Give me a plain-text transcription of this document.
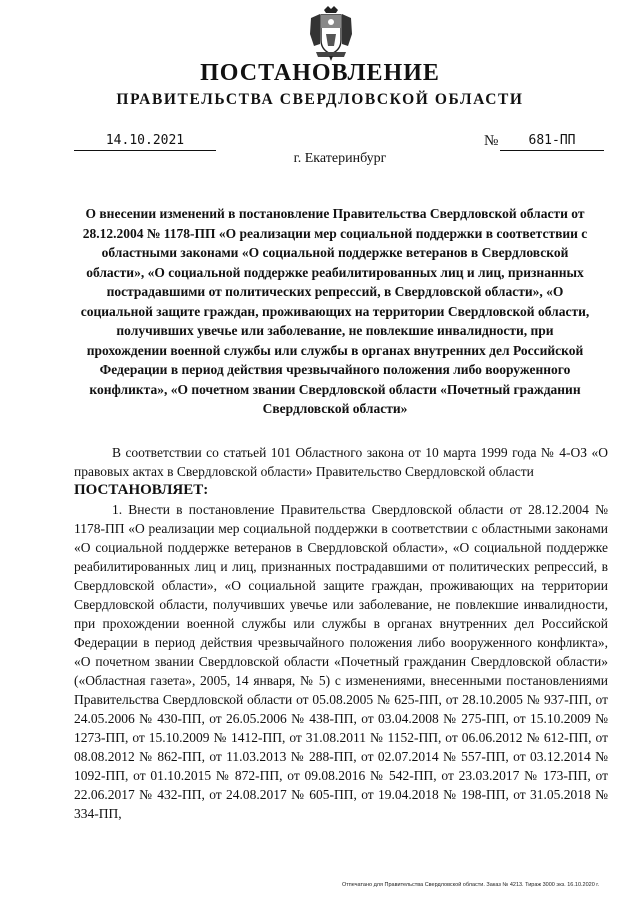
ПОСТАНОВЛЕНИЕ
ПРАВИТЕЛЬСТВА СВЕРДЛОВСКОЙ ОБЛАСТИ
14.10.2021	№	681-ПП
г. Екатеринбург
О внесении изменений в постановление Правительства Свердловской области от 28.12.2004 № 1178-ПП «О реализации мер социальной поддержки в соответствии с областными законами «О социальной поддержке ветеранов в Свердловской области», «О социальной поддержке реабилитированных лиц и лиц, признанных пострадавшими от политических репрессий, в Свердловской области», «О социальной защите граждан, проживающих на территории Свердловской области, получивших увечье или заболевание, не повлекшие инвалидности, при прохождении военной службы или службы в органах внутренних дел Российской Федерации в период действия чрезвычайного положения либо вооруженного конфликта», «О почетном звании Свердловской области «Почетный гражданин Свердловской области»

В соответствии со статьей 101 Областного закона от 10 марта 1999 года № 4-ОЗ «О правовых актах в Свердловской области» Правительство Свердловской области

ПОСТАНОВЛЯЕТ:

1. Внести в постановление Правительства Свердловской области от 28.12.2004 № 1178-ПП «О реализации мер социальной поддержки в соответствии с областными законами «О социальной поддержке ветеранов в Свердловской области», «О социальной поддержке реабилитированных лиц и лиц, признанных пострадавшими от политических репрессий, в Свердловской области», «О социальной защите граждан, проживающих на территории Свердловской области, получивших увечье или заболевание, не повлекшие инвалидности, при прохождении военной службы или службы в органах внутренних дел Российской Федерации в период действия чрезвычайного положения либо вооруженного конфликта», «О почетном звании Свердловской области «Почетный гражданин Свердловской области» («Областная газета», 2005, 14 января, № 5) с изменениями, внесенными постановлениями Правительства Свердловской области от 05.08.2005 № 625-ПП, от 28.10.2005 № 937-ПП, от 24.05.2006 № 430-ПП, от 26.05.2006 № 438-ПП, от 03.04.2008 № 275-ПП, от 15.10.2009 № 1273-ПП, от 15.10.2009 № 1412-ПП, от 31.08.2011 № 1152-ПП, от 06.06.2012 № 612-ПП, от 08.08.2012 № 862-ПП, от 11.03.2013 № 288-ПП, от 02.07.2014 № 557-ПП, от 03.12.2014 № 1092-ПП, от 01.10.2015 № 872-ПП, от 09.08.2016 № 542-ПП, от 23.03.2017 № 173-ПП, от 22.06.2017 № 432-ПП, от 24.08.2017 № 605-ПП, от 19.04.2018 № 198-ПП, от 31.05.2018 № 334-ПП,

Отпечатано для Правительства Свердловской области. Заказ № 4213. Тираж 3000 экз. 16.10.2020 г.
